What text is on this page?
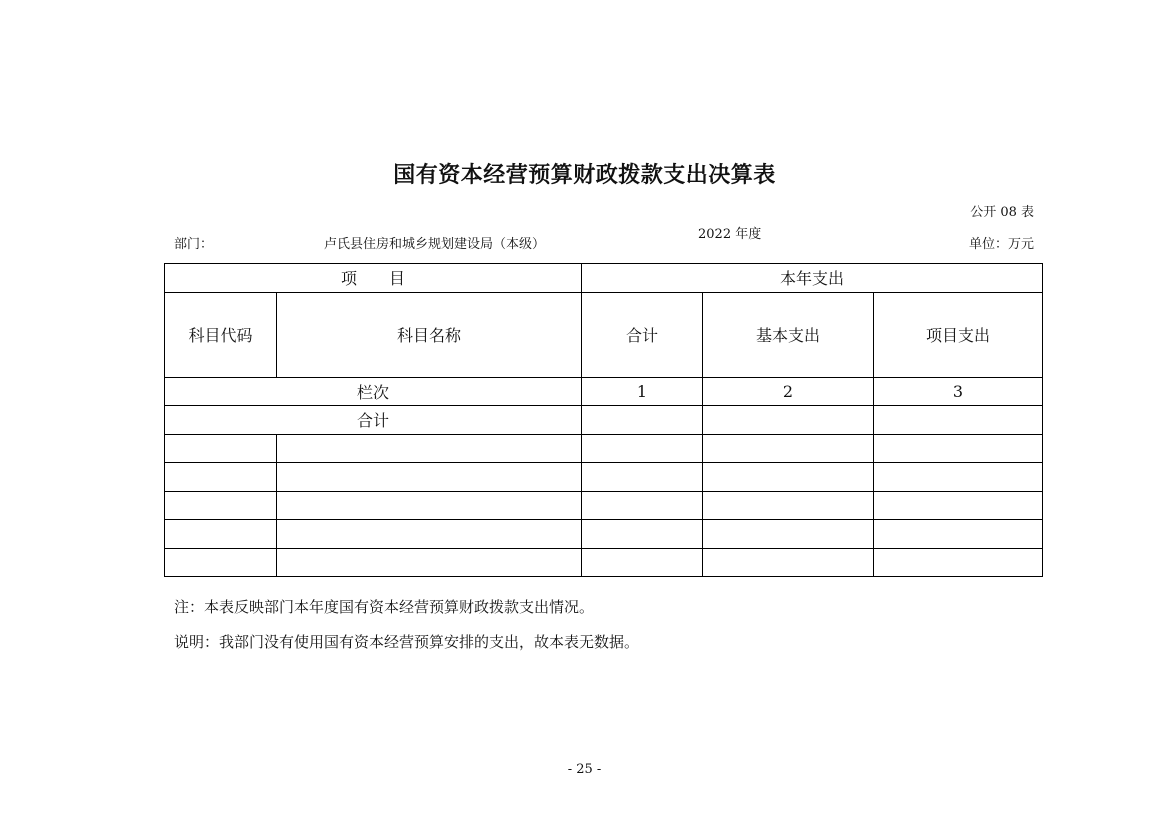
国有资本经营预算财政拨款支出决算表
公开 08 表
部门：	卢氏县住房和城乡规划建设局（本级）
2022 年度
单位：万元
项　　目		本年支出		
科目代码	科目名称	合计	基本支出	项目支出
栏次		1	2	3
合计				

注：本表反映部门本年度国有资本经营预算财政拨款支出情况。
说明：我部门没有使用国有资本经营预算安排的支出，故本表无数据。
- 25 -
